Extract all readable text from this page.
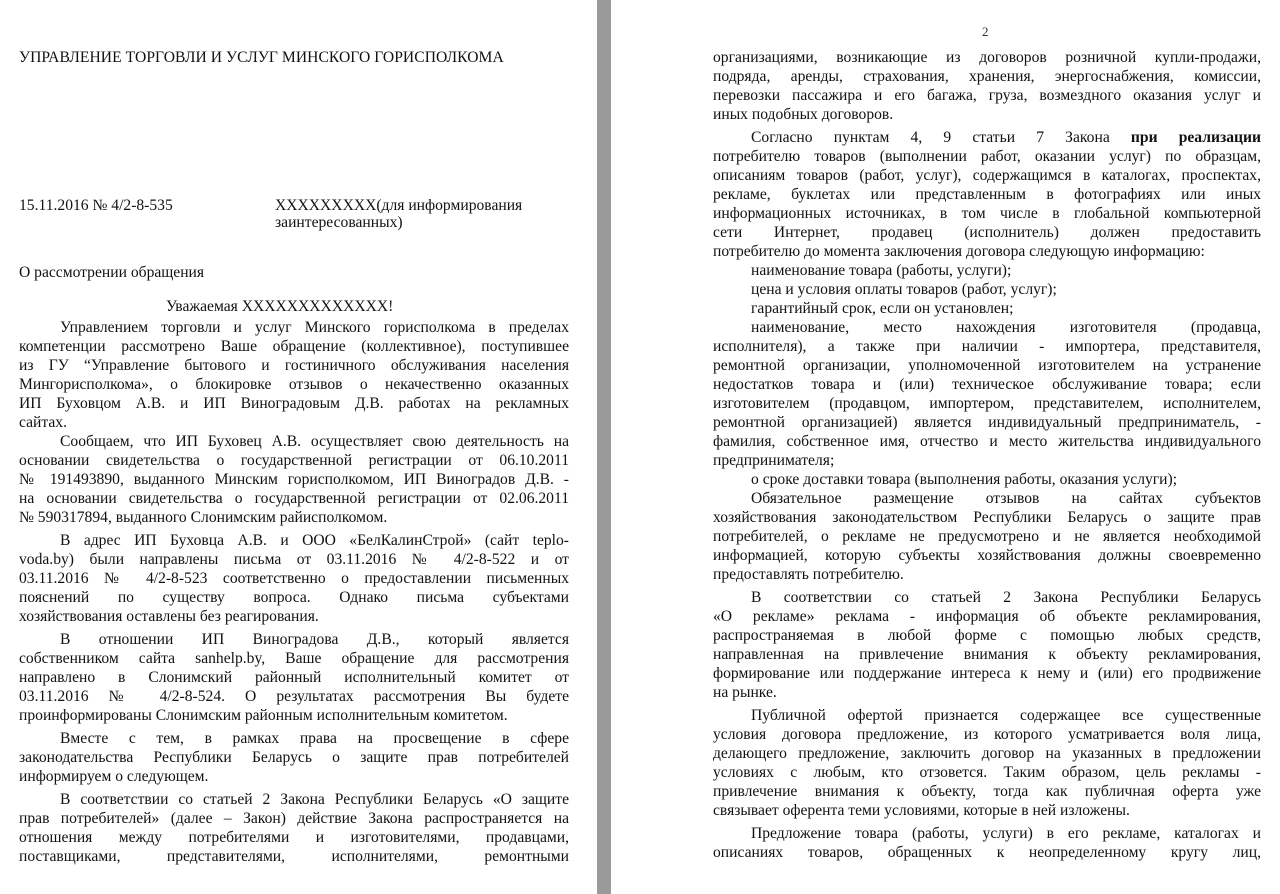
УПРАВЛЕНИЕ ТОРГОВЛИ И УСЛУГ МИНСКОГО ГОРИСПОЛКОМА

15.11.2016 № 4/2-8-535	XXXXXXXXX(для информирования

заинтересованных)

О рассмотрении обращения

Уважаемая XXXXXXXXXXXXX!

Управлением торговли и услуг Минского горисполкома в пределах

компетенции рассмотрено Ваше обращение (коллективное), поступившее

из ГУ “Управление бытового и гостиничного обслуживания населения

Мингорисполкома», о блокировке отзывов о некачественно оказанных

ИП Буховцом А.В. и ИП Виноградовым Д.В. работах на рекламных

сайтах.

Сообщаем, что ИП Буховец А.В. осуществляет свою деятельность на

основании свидетельства о государственной регистрации от 06.10.2011

№ 191493890, выданного Минским горисполкомом, ИП Виноградов Д.В. -

на основании свидетельства о государственной регистрации от 02.06.2011

№ 590317894, выданного Слонимским райисполкомом.

В адрес ИП Буховца А.В. и ООО «БелКалинСтрой» (сайт teplo-

voda.by) были направлены письма от 03.11.2016 № 4/2-8-522 и от

03.11.2016 № 4/2-8-523 соответственно о предоставлении письменных

пояснений по существу вопроса. Однако письма субъектами

хозяйствования оставлены без реагирования.

В отношении ИП Виноградова Д.В., который является

собственником сайта sanhelp.by, Ваше обращение для рассмотрения

направлено в Слонимский районный исполнительный комитет от

03.11.2016 № 4/2-8-524. О результатах рассмотрения Вы будете

проинформированы Слонимским районным исполнительным комитетом.

Вместе с тем, в рамках права на просвещение в сфере

законодательства Республики Беларусь о защите прав потребителей

информируем о следующем.

В соответствии со статьей 2 Закона Республики Беларусь «О защите

прав потребителей» (далее – Закон) действие Закона распространяется на

отношения между потребителями и изготовителями, продавцами,

поставщиками, представителями, исполнителями, ремонтными

2

организациями, возникающие из договоров розничной купли-продажи,

подряда, аренды, страхования, хранения, энергоснабжения, комиссии,

перевозки пассажира и его багажа, груза, возмездного оказания услуг и

иных подобных договоров.

Согласно пунктам 4, 9 статьи 7 Закона при реализации

потребителю товаров (выполнении работ, оказании услуг) по образцам,

описаниям товаров (работ, услуг), содержащимся в каталогах, проспектах,

рекламе, буклетах или представленным в фотографиях или иных

информационных источниках, в том числе в глобальной компьютерной

сети Интернет, продавец (исполнитель) должен предоставить

потребителю до момента заключения договора следующую информацию:

наименование товара (работы, услуги);

цена и условия оплаты товаров (работ, услуг);

гарантийный срок, если он установлен;

наименование, место нахождения изготовителя (продавца,

исполнителя), а также при наличии - импортера, представителя,

ремонтной организации, уполномоченной изготовителем на устранение

недостатков товара и (или) техническое обслуживание товара; если

изготовителем (продавцом, импортером, представителем, исполнителем,

ремонтной организацией) является индивидуальный предприниматель, -

фамилия, собственное имя, отчество и место жительства индивидуального

предпринимателя;

о сроке доставки товара (выполнения работы, оказания услуги);

Обязательное размещение отзывов на сайтах субъектов

хозяйствования законодательством Республики Беларусь о защите прав

потребителей, о рекламе не предусмотрено и не является необходимой

информацией, которую субъекты хозяйствования должны своевременно

предоставлять потребителю.

В соответствии со статьей 2 Закона Республики Беларусь

«О рекламе» реклама - информация об объекте рекламирования,

распространяемая в любой форме с помощью любых средств,

направленная на привлечение внимания к объекту рекламирования,

формирование или поддержание интереса к нему и (или) его продвижение

на рынке.

Публичной офертой признается содержащее все существенные

условия договора предложение, из которого усматривается воля лица,

делающего предложение, заключить договор на указанных в предложении

условиях с любым, кто отзовется. Таким образом, цель рекламы -

привлечение внимания к объекту, тогда как публичная оферта уже

связывает оферента теми условиями, которые в ней изложены.

Предложение товара (работы, услуги) в его рекламе, каталогах и

описаниях товаров, обращенных к неопределенному кругу лиц,
